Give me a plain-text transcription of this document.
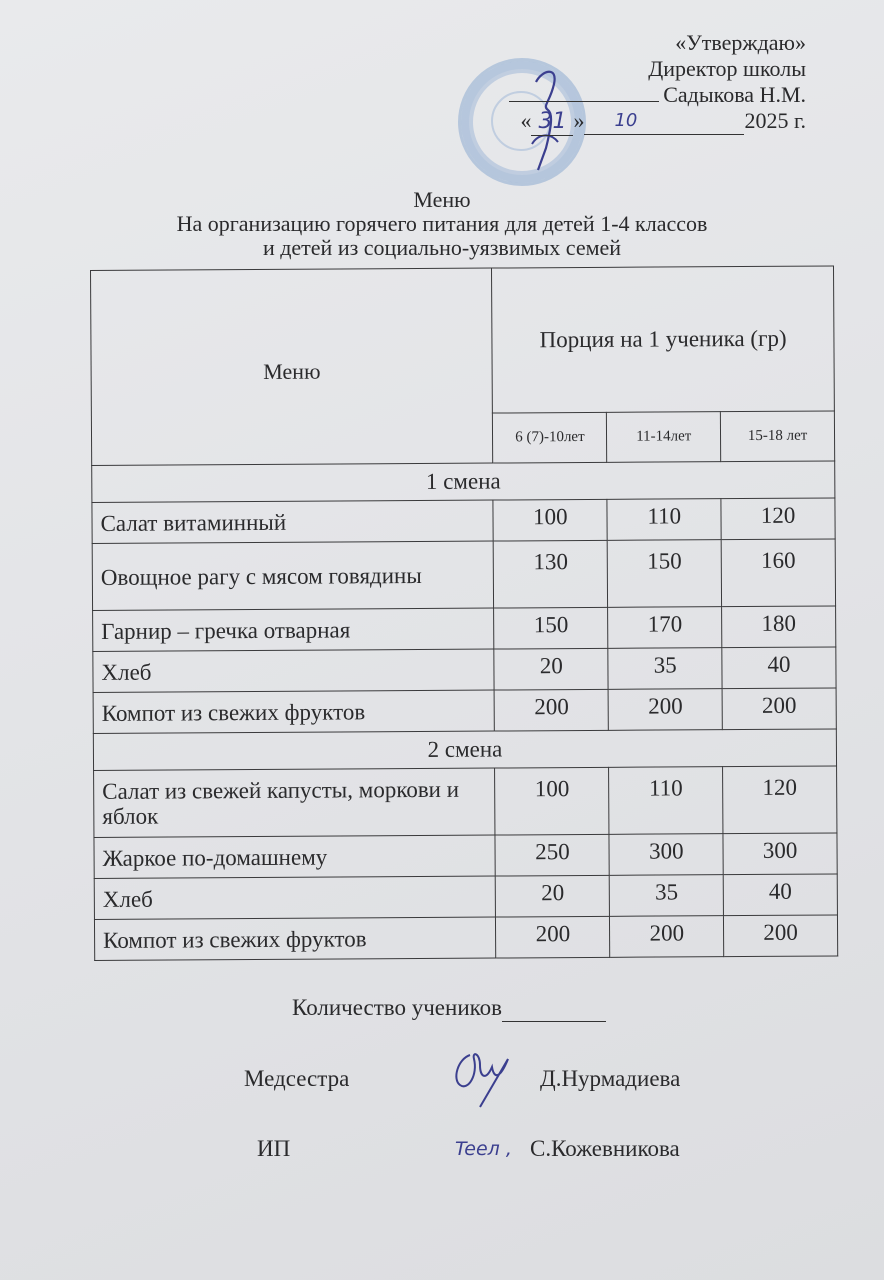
«Утверждаю»
Директор школы
Садыкова Н.М.
« 31 » 10	2025 г.
Меню
На организацию горячего питания для детей 1-4 классов
и детей из социально-уязвимых семей
Меню	Порция на 1 ученика (гр)		
	6 (7)-10лет	11-14лет	15-18 лет
1 смена			
Салат витаминный	100	110	120
Овощное рагу с мясом говядины	130	150	160
Гарнир – гречка отварная	150	170	180
Хлеб	20	35	40
Компот из свежих фруктов	200	200	200
2 смена			
Салат из свежей капусты, моркови и яблок	100	110	120
Жаркое по-домашнему	250	300	300
Хлеб	20	35	40
Компот из свежих фруктов	200	200	200
Количество учеников
Медсестра	Д.Нурмадиева
ИП	Teeл , С.Кожевникова
